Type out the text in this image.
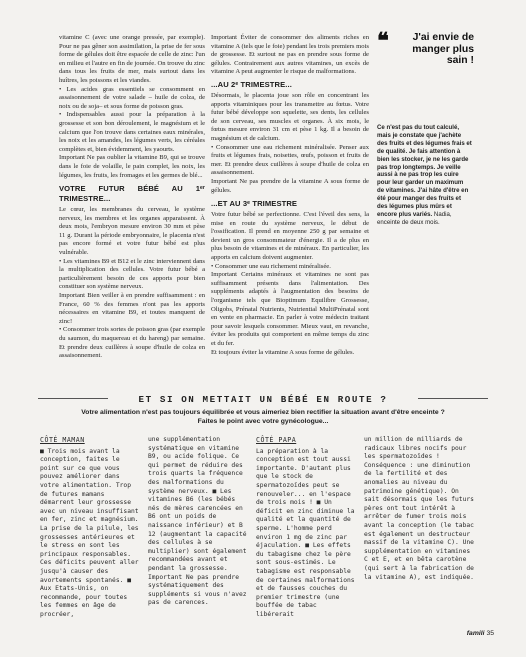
vitamine C (avec une orange pressée, par exemple). Pour ne pas gêner son assimilation, la prise de fer sous forme de gélules doit être espacée de celle de zinc: l'un en milieu et l'autre en fin de journée. On trouve du zinc dans tous les fruits de mer, mais surtout dans les huîtres, les poissons et les viandes.

• Les acides gras essentiels se consomment en assaisonnement de votre salade – huile de colza, de noix ou de soja– et sous forme de poisson gras.

• Indispensables aussi pour la préparation à la grossesse et son bon déroulement, le magnésium et le calcium que l'on trouve dans certaines eaux minérales, les noix et les amandes, les légumes verts, les céréales complètes et, bien évidemment, les yaourts.

Important Ne pas oublier la vitamine B9, qui se trouve dans le foie de volaille, le pain complet, les noix, les légumes, les fruits, les fromages et les germes de blé...

VOTRE FUTUR BÉBÉ AU 1ᵉʳ TRIMESTRE...

Le cœur, les membranes du cerveau, le système nerveux, les membres et les organes apparaissent. À deux mois, l'embryon mesure environ 30 mm et pèse 11 g. Durant la période embryonnaire, le placenta n'est pas encore formé et votre futur bébé est plus vulnérable.

• Les vitamines B9 et B12 et le zinc interviennent dans la multiplication des cellules. Votre futur bébé a particulièrement besoin de ces apports pour bien constituer son système nerveux.

Important Bien veiller à en prendre suffisamment : en France, 60 % des femmes n'ont pas les apports nécessaires en vitamine B9, et toutes manquent de zinc!

• Consommer trois sortes de poisson gras (par exemple du saumon, du maquereau et du hareng) par semaine. Et prendre deux cuillères à soupe d'huile de colza en assaisonnement.

Important Éviter de consommer des aliments riches en vitamine A (tels que le foie) pendant les trois premiers mois de grossesse. Et surtout ne pas en prendre sous forme de gélules. Contrairement aux autres vitamines, un excès de vitamine A peut augmenter le risque de malformations.

...AU 2ᵉ TRIMESTRE...

Désormais, le placenta joue son rôle en concentrant les apports vitaminiques pour les transmettre au fœtus. Votre futur bébé développe son squelette, ses dents, les cellules de son cerveau, ses muscles et organes. À six mois, le fœtus mesure environ 31 cm et pèse 1 kg. Il a besoin de magnésium et de calcium.

• Consommer une eau richement minéralisée. Penser aux fruits et légumes frais, noisettes, œufs, poisson et fruits de mer. Et prendre deux cuillères à soupe d'huile de colza en assaisonnement.

Important Ne pas prendre de la vitamine A sous forme de gélules.

...ET AU 3ᵉ TRIMESTRE

Votre futur bébé se perfectionne. C'est l'éveil des sens, la mise en route du système nerveux, le début de l'ossification. Il prend en moyenne 250 g par semaine et devient un gros consommateur d'énergie. Il a de plus en plus besoin de vitamines et de minéraux. En particulier, les apports en calcium doivent augmenter.

• Consommer une eau richement minéralisée.

Important Certains minéraux et vitamines ne sont pas suffisamment présents dans l'alimentation. Des suppléments adaptés à l'augmentation des besoins de l'organisme tels que Bioptimum Equilibre Grossesse, Oligobs, Prénatal Nutrients, Nutriential MultiPrénatal sont en vente en pharmacie. En parler à votre médecin traitant pour savoir lesquels consommer. Mieux vaut, en revanche, éviter les produits qui comportent en même temps du zinc et du fer.

Et toujours éviter la vitamine A sous forme de gélules.

❝	J'ai envie de manger plus sain !
Ce n'est pas du tout calculé, mais je constate que j'achète des fruits et des légumes frais et de qualité. Je fais attention à bien les stocker, je ne les garde pas trop longtemps. Je veille aussi à ne pas trop les cuire pour leur garder un maximum de vitamines. J'ai hâte d'être en été pour manger des fruits et des légumes plus mûrs et encore plus variés. Nadia, enceinte de deux mois.
ET SI ON METTAIT UN BÉBÉ EN ROUTE ?
Votre alimentation n'est pas toujours équilibrée et vous aimeriez bien rectifier la situation avant d'être enceinte ?
Faites le point avec votre gynécologue...
CÔTÉ MAMAN
■ Trois mois avant la conception, faites le point sur ce que vous pouvez améliorer dans votre alimentation. Trop de futures mamans démarrent leur grossesse avec un niveau insuffisant en fer, zinc et magnésium. La prise de la pilule, les grossesses antérieures et le stress en sont les principaux responsables. Ces déficits peuvent aller jusqu'à causer des avortements spontanés. ■ Aux Etats-Unis, on recommande, pour toutes les femmes en âge de procréer,
une supplémentation systématique en vitamine B9, ou acide folique. Ce qui permet de réduire des trois quarts la fréquence des malformations du système nerveux. ■ Les vitamines B6 (les bébés nés de mères carencées en B6 ont un poids de naissance inférieur) et B 12 (augmentant la capacité des cellules à se multiplier) sont également recommandées avant et pendant la grossesse. Important Ne pas prendre systématiquement des suppléments si vous n'avez pas de carences.
CÔTÉ PAPA
La préparation à la conception est tout aussi importante. D'autant plus que le stock de spermatozoïdes peut se renouveler... en l'espace de trois mois ! ■ Un déficit en zinc diminue la qualité et la quantité de sperme. L'homme perd environ 1 mg de zinc par éjaculation. ■ Les effets du tabagisme chez le père sont sous-estimés. Le tabagisme est responsable de certaines malformations et de fausses couches du premier trimestre (une bouffée de tabac libérerait
un million de milliards de radicaux libres nocifs pour les spermatozoïdes ! Conséquence : une diminution de la fertilité et des anomalies au niveau du patrimoine génétique). On sait désormais que les futurs pères ont tout intérêt à arrêter de fumer trois mois avant la conception (le tabac est également un destructeur massif de la vitamine C). Une supplémentation en vitamines C et E, et en bêta carotène (qui sert à la fabrication de la vitamine A), est indiquée.
famili 35
